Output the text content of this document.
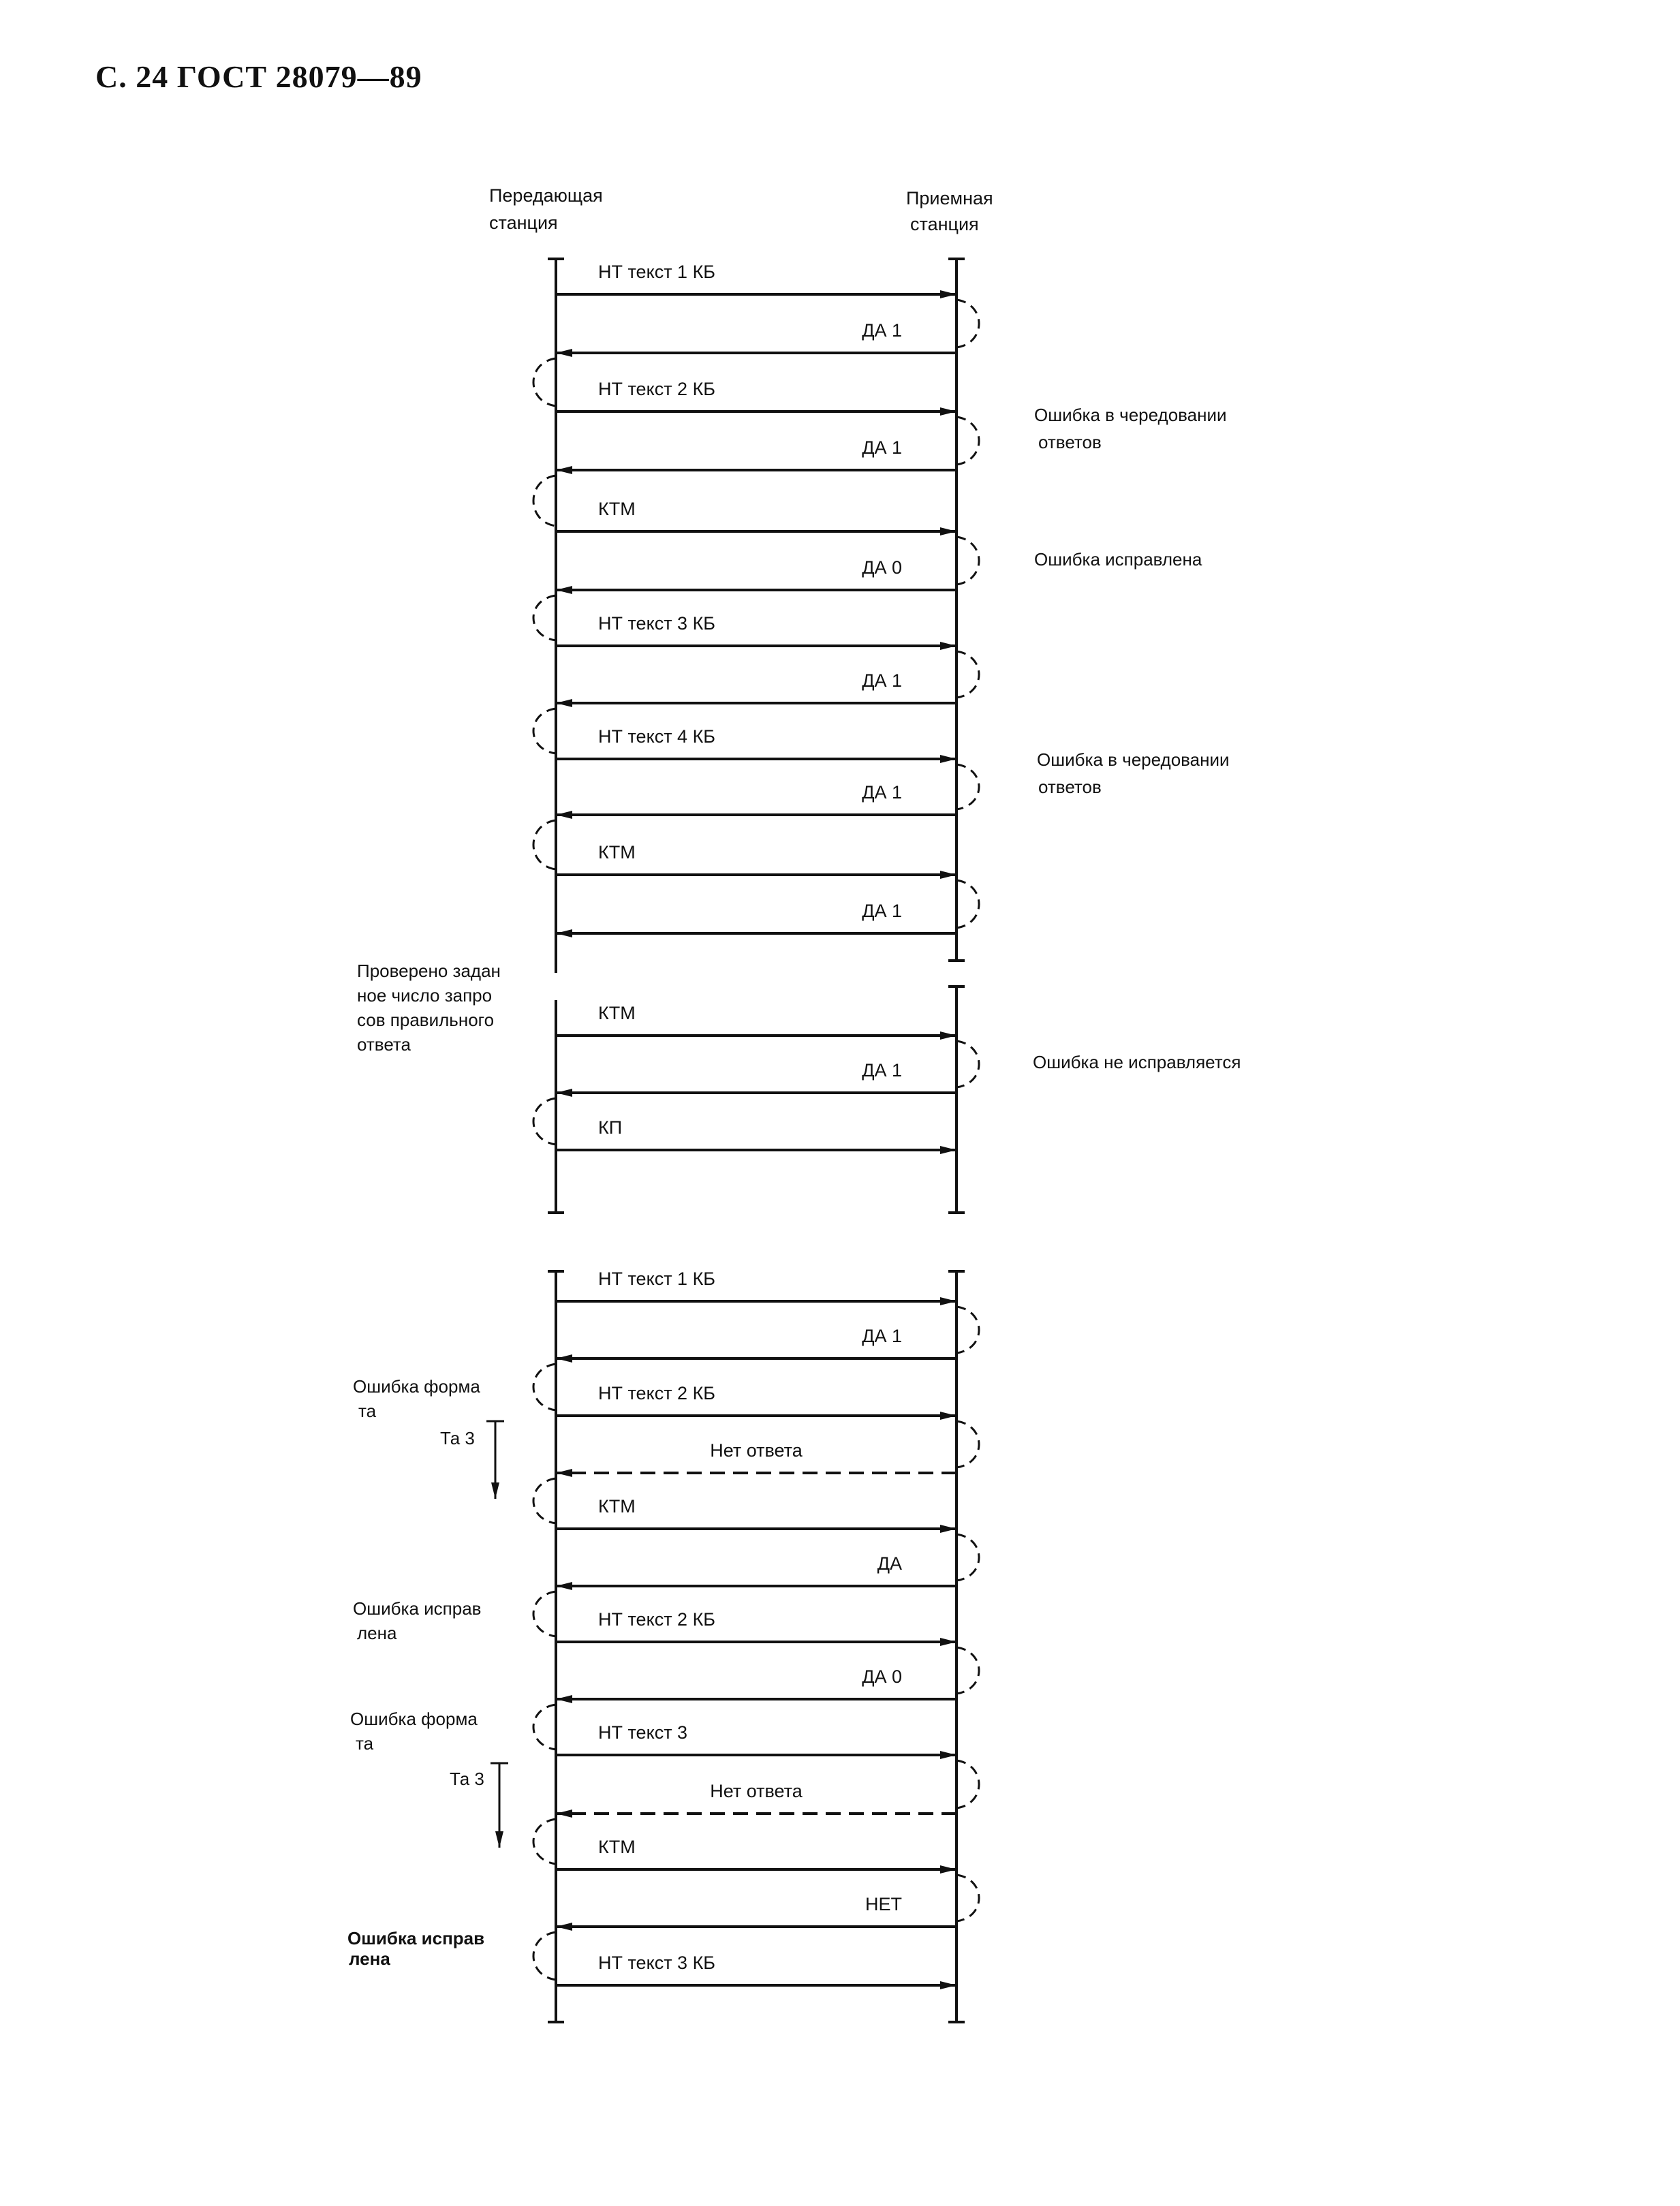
С. 24 ГОСТ 28079—89
Передающая
станция
Приемная
станция
НТ текст 1 КБ
ДА 1
НТ текст 2 КБ
ДА 1
КТМ
ДА 0
НТ текст 3 КБ
ДА 1
НТ текст 4 КБ
ДА 1
КТМ
ДА 1
КТМ
ДА 1
КП
НТ текст 1 КБ
ДА 1
НТ текст 2 КБ
Нет ответа
КТМ
ДА
НТ текст 2 КБ
ДА 0
НТ текст 3
Нет ответа
КТМ
НЕТ
НТ текст 3 КБ
Ошибка в чередовании
ответов
Ошибка исправлена
Ошибка в чередовании
ответов
Ошибка не исправляется
Проверено задан
ное число запро
сов правильного
ответа
Ошибка форма
та
Ошибка исправ
лена
Ошибка форма
та
Ошибка исправ
лена
Та 3
Та 3
